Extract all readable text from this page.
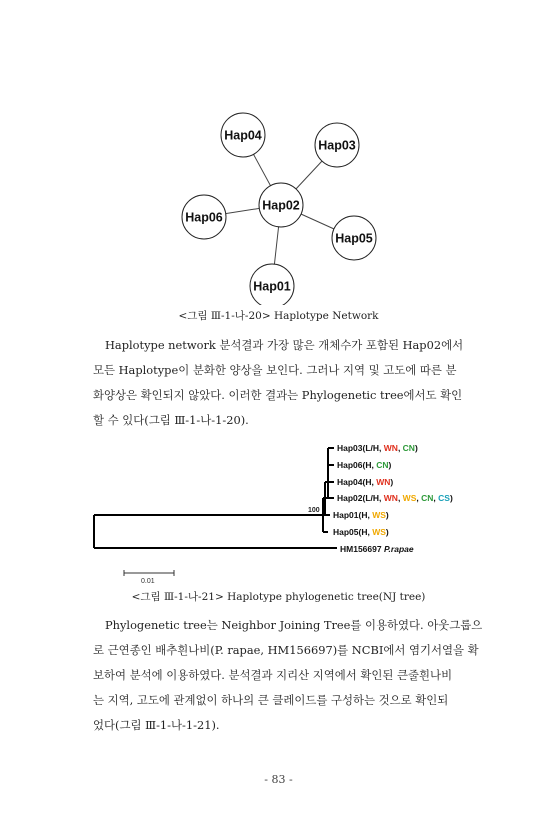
Hap04
Hap03
Hap02
Hap06
Hap05
Hap01
<그림 Ⅲ-1-나-20> Haplotype Network
Haplotype network 분석결과 가장 많은 개체수가 포함된 Hap02에서
모든 Haplotype이 분화한 양상을 보인다. 그러나 지역 및 고도에 따른 분
화양상은 확인되지 않았다. 이러한 결과는 Phylogenetic tree에서도 확인
할 수 있다(그림 Ⅲ-1-나-1-20).
100
Hap03(L/H, WN, CN)
Hap06(H, CN)
Hap04(H, WN)
Hap02(L/H, WN, WS, CN, CS)
Hap01(H, WS)
Hap05(H, WS)
HM156697 P.rapae
0.01
<그림 Ⅲ-1-나-21> Haplotype phylogenetic tree(NJ tree)
Phylogenetic tree는 Neighbor Joining Tree를 이용하였다. 아웃그룹으
로 근연종인 배추흰나비(P. rapae, HM156697)를 NCBI에서 염기서열을 확
보하여 분석에 이용하였다. 분석결과 지리산 지역에서 확인된 큰줄흰나비
는 지역, 고도에 관계없이 하나의 큰 클레이드를 구성하는 것으로 확인되
었다(그림 Ⅲ-1-나-1-21).
- 83 -
